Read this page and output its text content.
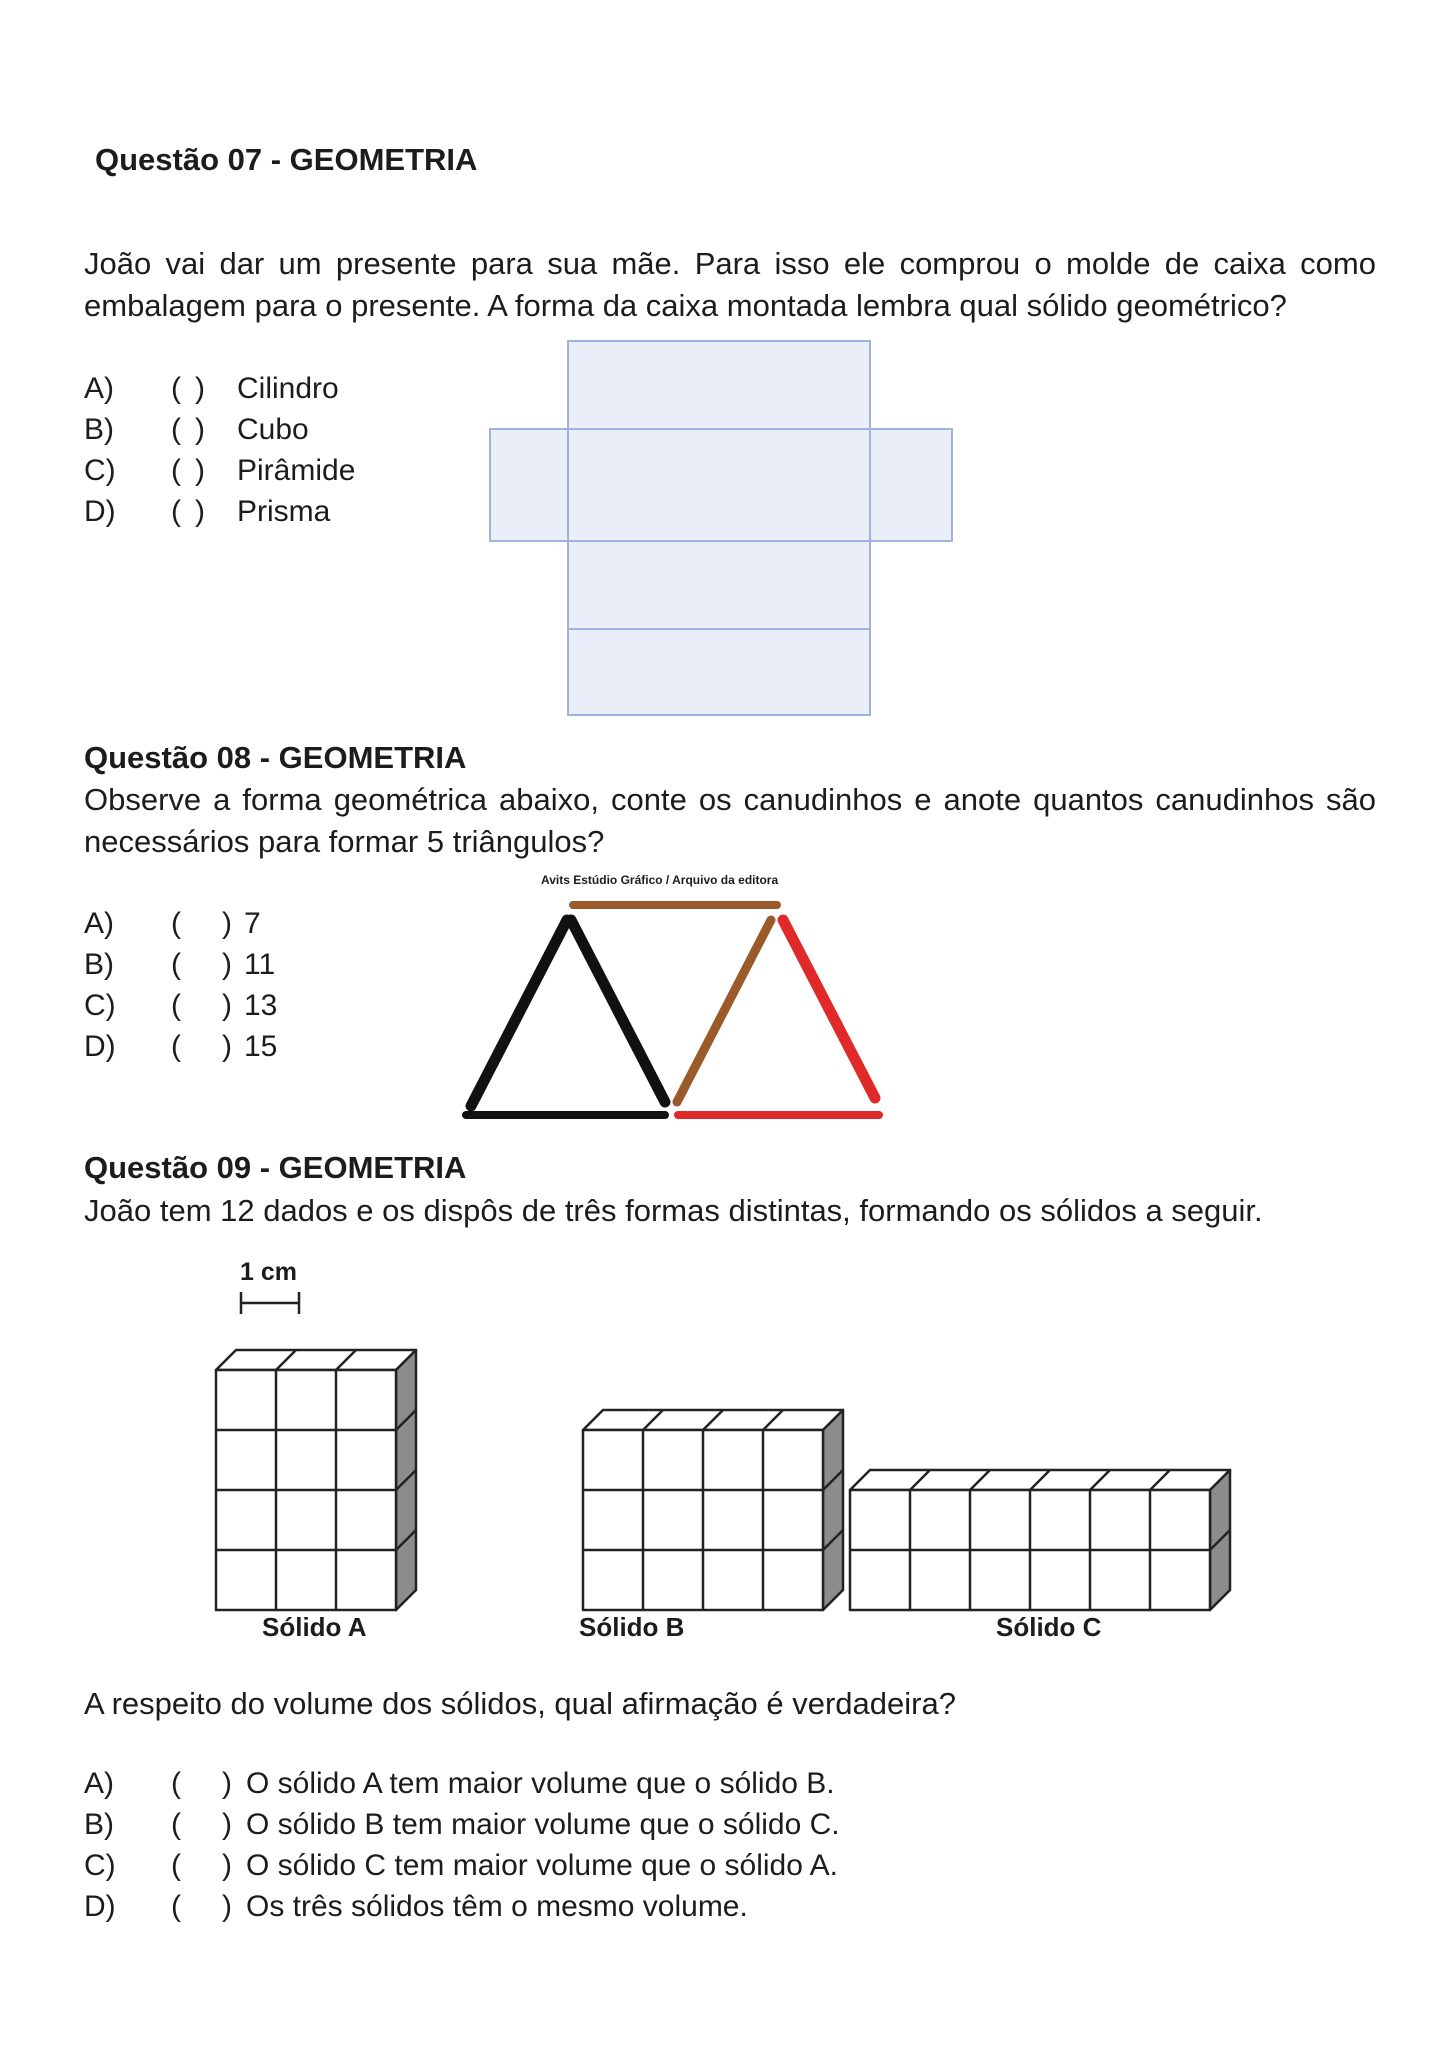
Questão 07 - GEOMETRIA
João vai dar um presente para sua mãe. Para isso ele comprou o molde de caixa como embalagem para o presente. A forma da caixa montada lembra qual sólido geométrico?
A) ( ) Cilindro
B) ( ) Cubo
C) ( ) Pirâmide
D) ( ) Prisma
Questão 08 - GEOMETRIA
Observe a forma geométrica abaixo, conte os canudinhos e anote quantos canudinhos são necessários para formar 5 triângulos?
A) ( ) 7
B) ( ) 11
C) ( ) 13
D) ( ) 15
Avits Estúdio Gráfico / Arquivo da editora
Questão 09 - GEOMETRIA
João tem 12 dados e os dispôs de três formas distintas, formando os sólidos a seguir.
1 cm
Sólido A	Sólido B	Sólido C
A respeito do volume dos sólidos, qual afirmação é verdadeira?
A) ( ) O sólido A tem maior volume que o sólido B.
B) ( ) O sólido B tem maior volume que o sólido C.
C) ( ) O sólido C tem maior volume que o sólido A.
D) ( ) Os três sólidos têm o mesmo volume.
